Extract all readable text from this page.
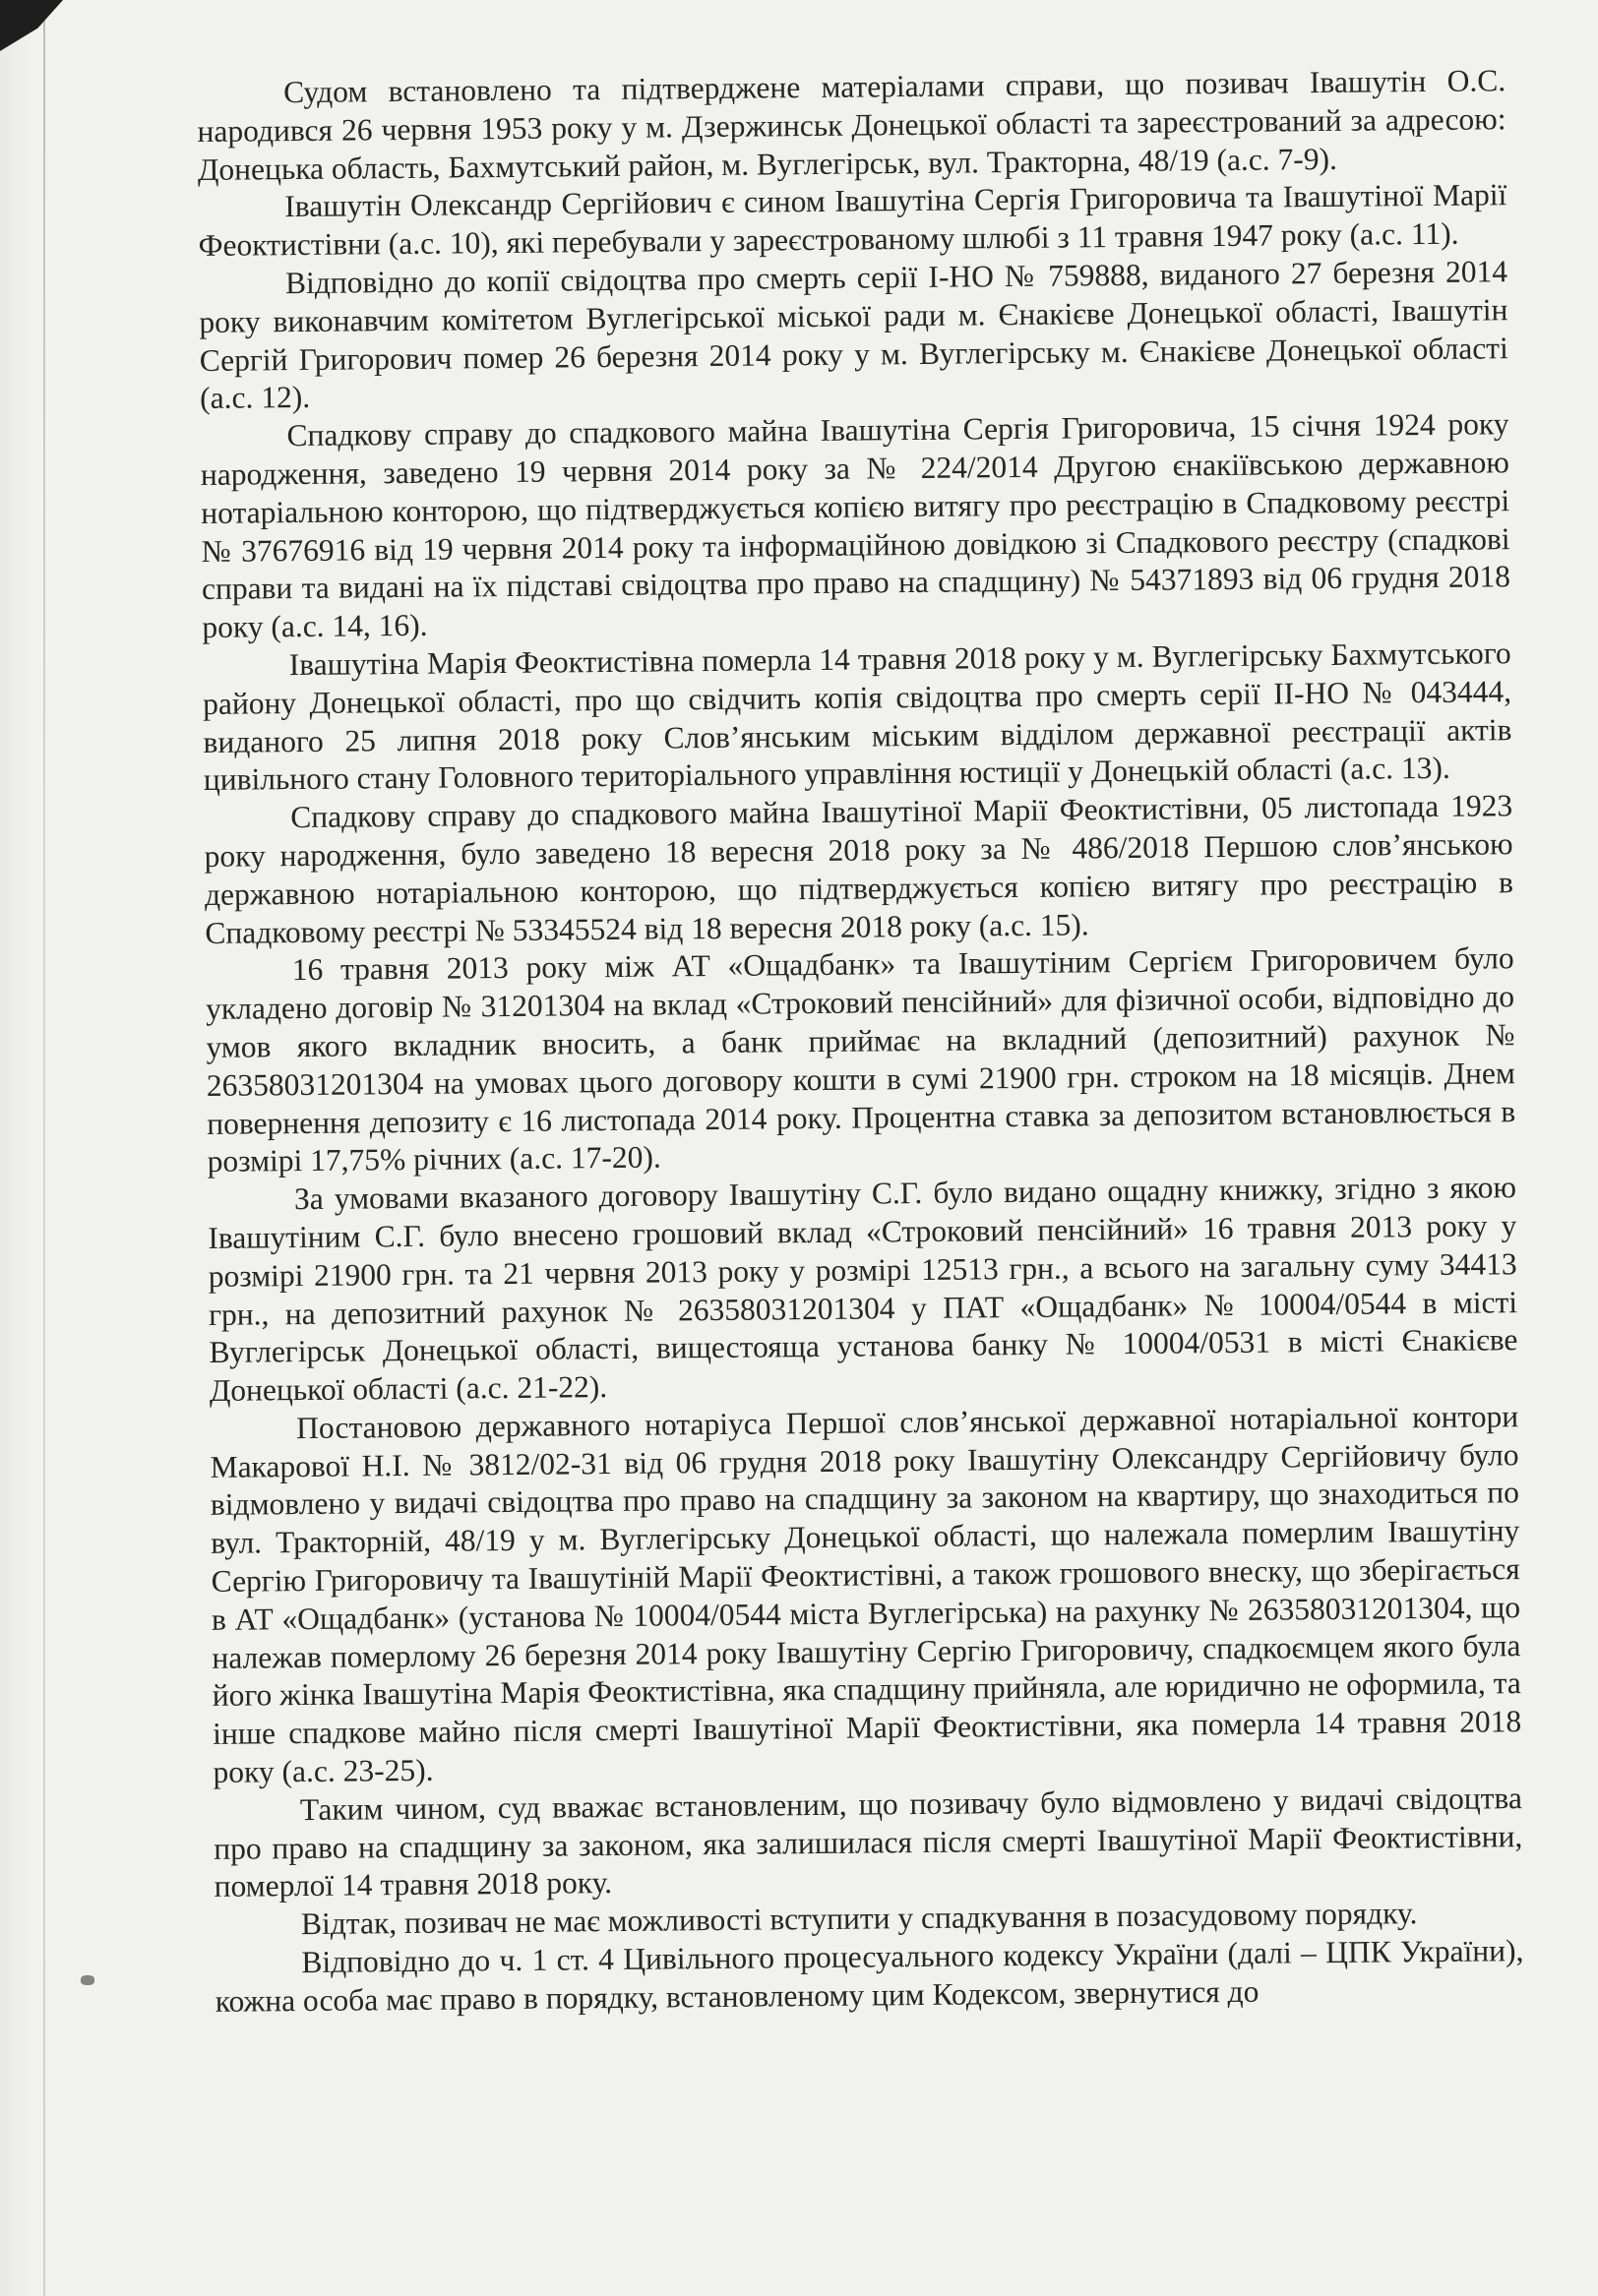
Судом встановлено та підтверджене матеріалами справи, що позивач Івашутін О.С. народився 26 червня 1953 року у м. Дзержинськ Донецької області та зареєстрований за адресою: Донецька область, Бахмутський район, м. Вуглегірськ, вул. Тракторна, 48/19 (а.с. 7-9).

Івашутін Олександр Сергійович є сином Івашутіна Сергія Григоровича та Івашутіної Марії Феоктистівни (а.с. 10), які перебували у зареєстрованому шлюбі з 11 травня 1947 року (а.с. 11).

Відповідно до копії свідоцтва про смерть серії І-НО № 759888, виданого 27 березня 2014 року виконавчим комітетом Вуглегірської міської ради м. Єнакієве Донецької області, Івашутін Сергій Григорович помер 26 березня 2014 року у м. Вуглегірську м. Єнакієве Донецької області (а.с. 12).

Спадкову справу до спадкового майна Івашутіна Сергія Григоровича, 15 січня 1924 року народження, заведено 19 червня 2014 року за № 224/2014 Другою єнакіївською державною нотаріальною конторою, що підтверджується копією витягу про реєстрацію в Спадковому реєстрі № 37676916 від 19 червня 2014 року та інформаційною довідкою зі Спадкового реєстру (спадкові справи та видані на їх підставі свідоцтва про право на спадщину) № 54371893 від 06 грудня 2018 року (а.с. 14, 16).

Івашутіна Марія Феоктистівна померла 14 травня 2018 року у м. Вуглегірську Бахмутського району Донецької області, про що свідчить копія свідоцтва про смерть серії ІІ-НО № 043444, виданого 25 липня 2018 року Слов’янським міським відділом державної реєстрації актів цивільного стану Головного територіального управління юстиції у Донецькій області (а.с. 13).

Спадкову справу до спадкового майна Івашутіної Марії Феоктистівни, 05 листопада 1923 року народження, було заведено 18 вересня 2018 року за № 486/2018 Першою слов’янською державною нотаріальною конторою, що підтверджується копією витягу про реєстрацію в Спадковому реєстрі № 53345524 від 18 вересня 2018 року (а.с. 15).

16 травня 2013 року між АТ «Ощадбанк» та Івашутіним Сергієм Григоровичем було укладено договір № 31201304 на вклад «Строковий пенсійний» для фізичної особи, відповідно до умов якого вкладник вносить, а банк приймає на вкладний (депозитний) рахунок № 26358031201304 на умовах цього договору кошти в сумі 21900 грн. строком на 18 місяців. Днем повернення депозиту є 16 листопада 2014 року. Процентна ставка за депозитом встановлюється в розмірі 17,75% річних (а.с. 17-20).

За умовами вказаного договору Івашутіну С.Г. було видано ощадну книжку, згідно з якою Івашутіним С.Г. було внесено грошовий вклад «Строковий пенсійний» 16 травня 2013 року у розмірі 21900 грн. та 21 червня 2013 року у розмірі 12513 грн., а всього на загальну суму 34413 грн., на депозитний рахунок № 26358031201304 у ПАТ «Ощадбанк» № 10004/0544 в місті Вуглегірськ Донецької області, вищестояща установа банку № 10004/0531 в місті Єнакієве Донецької області (а.с. 21-22).

Постановою державного нотаріуса Першої слов’янської державної нотаріальної контори Макарової Н.І. № 3812/02-31 від 06 грудня 2018 року Івашутіну Олександру Сергійовичу було відмовлено у видачі свідоцтва про право на спадщину за законом на квартиру, що знаходиться по вул. Тракторній, 48/19 у м. Вуглегірську Донецької області, що належала померлим Івашутіну Сергію Григоровичу та Івашутіній Марії Феоктистівні, а також грошового внеску, що зберігається в АТ «Ощадбанк» (установа № 10004/0544 міста Вуглегірська) на рахунку № 26358031201304, що належав померлому 26 березня 2014 року Івашутіну Сергію Григоровичу, спадкоємцем якого була його жінка Івашутіна Марія Феоктистівна, яка спадщину прийняла, але юридично не оформила, та інше спадкове майно після смерті Івашутіної Марії Феоктистівни, яка померла 14 травня 2018 року (а.с. 23-25).

Таким чином, суд вважає встановленим, що позивачу було відмовлено у видачі свідоцтва про право на спадщину за законом, яка залишилася після смерті Івашутіної Марії Феоктистівни, померлої 14 травня 2018 року.

Відтак, позивач не має можливості вступити у спадкування в позасудовому порядку.

Відповідно до ч. 1 ст. 4 Цивільного процесуального кодексу України (далі – ЦПК України), кожна особа має право в порядку, встановленому цим Кодексом, звернутися до
